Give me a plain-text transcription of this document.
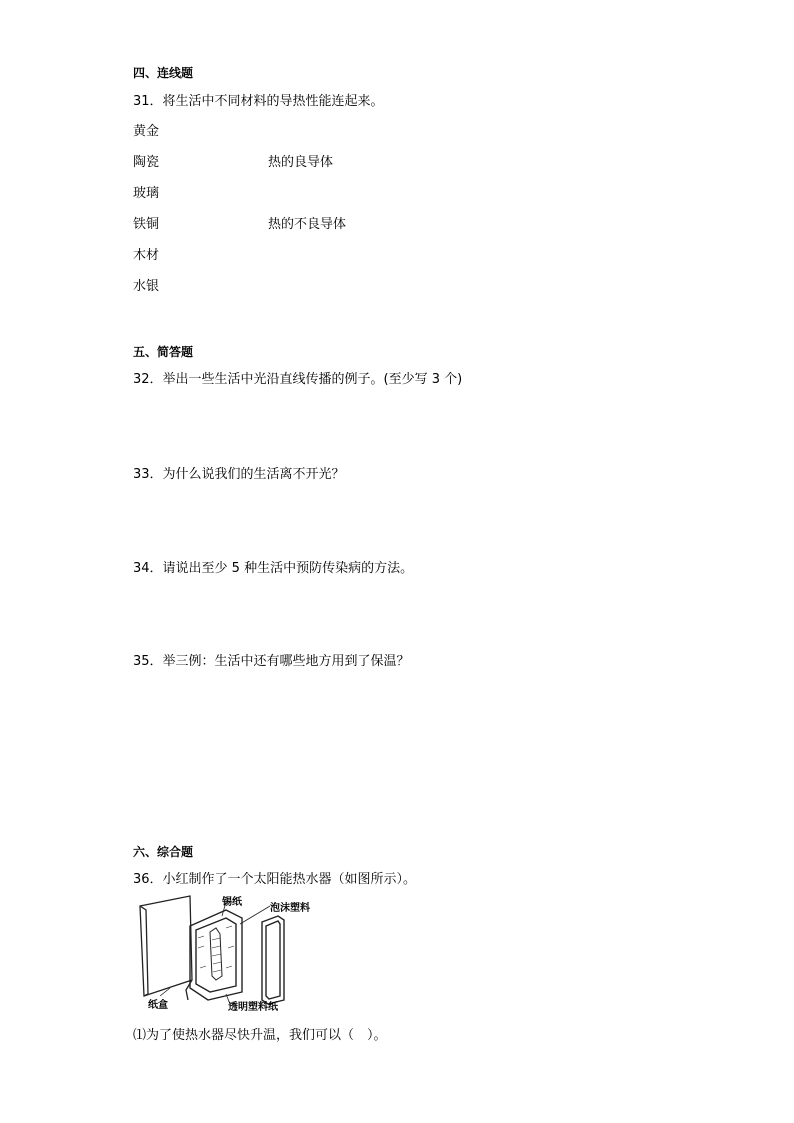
四、连线题
31．将生活中不同材料的导热性能连起来。
黄金
陶瓷
玻璃
铁铜
木材
水银
热的良导体
热的不良导体
五、简答题
32．举出一些生活中光沿直线传播的例子。(至少写 3 个)
33．为什么说我们的生活离不开光？
34．请说出至少 5 种生活中预防传染病的方法。
35．举三例：生活中还有哪些地方用到了保温？
六、综合题
36．小红制作了一个太阳能热水器（如图所示）。
锡纸
泡沫塑料
纸盒	透明塑料纸
⑴为了使热水器尽快升温，我们可以（　）。
